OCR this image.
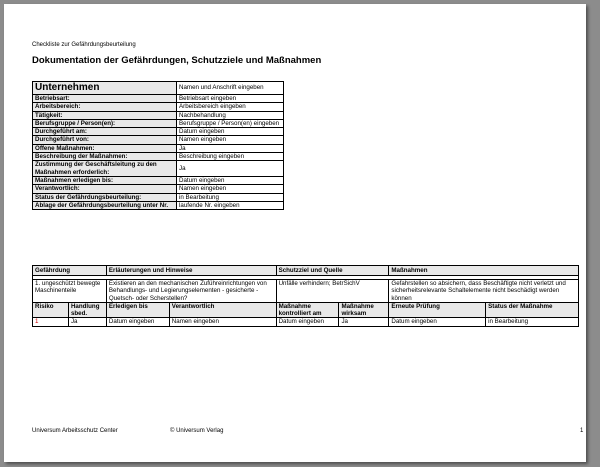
Checkliste zur Gefährdungsbeurteilung
Dokumentation der Gefährdungen, Schutzziele und Maßnahmen
Unternehmen	Namen und Anschrift eingeben
Betriebsart:	Betriebsart eingeben
Arbeitsbereich:	Arbeitsbereich eingeben
Tätigkeit:	Nachbehandlung
Berufsgruppe / Person(en):	Berufsgruppe / Person(en) eingeben
Durchgeführt am:	Datum eingeben
Durchgeführt von:	Namen eingeben
Offene Maßnahmen:	Ja
Beschreibung der Maßnahmen:	Beschreibung eingeben
Zustimmung der Geschäftsleitung zu den Maßnahmen erforderlich:	Ja
Maßnahmen erledigen bis:	Datum eingeben
Verantwortlich:	Namen eingeben
Status der Gefährdungsbeurteilung:	in Bearbeitung
Ablage der Gefährdungsbeurteilung unter Nr.	laufende Nr. eingeben
Gefährdung		Erläuterungen und Hinweise		Schutzziel und Quelle		Maßnahmen	

1. ungeschützt bewegte Maschinenteile		Existieren an den mechanischen Zuführeinrichtungen von Behandlungs- und Legierungselementen - gesicherte - Quetsch- oder Scherstellen?		Unfälle verhindern; BetrSichV		Gefahrstellen so absichern, dass Beschäftigte nicht verletzt und sicherheitsrelevante Schaltelemente nicht beschädigt werden können	
Risiko	Handlung sbed.	Erledigen bis	Verantwortlich	Maßnahme kontrolliert am	Maßnahme wirksam	Erneute Prüfung	Status der Maßnahme
1	Ja	Datum eingeben	Namen eingeben	Datum eingeben	Ja	Datum eingeben	in Bearbeitung
Universum Arbeitsschutz Center	© Universum Verlag	1
